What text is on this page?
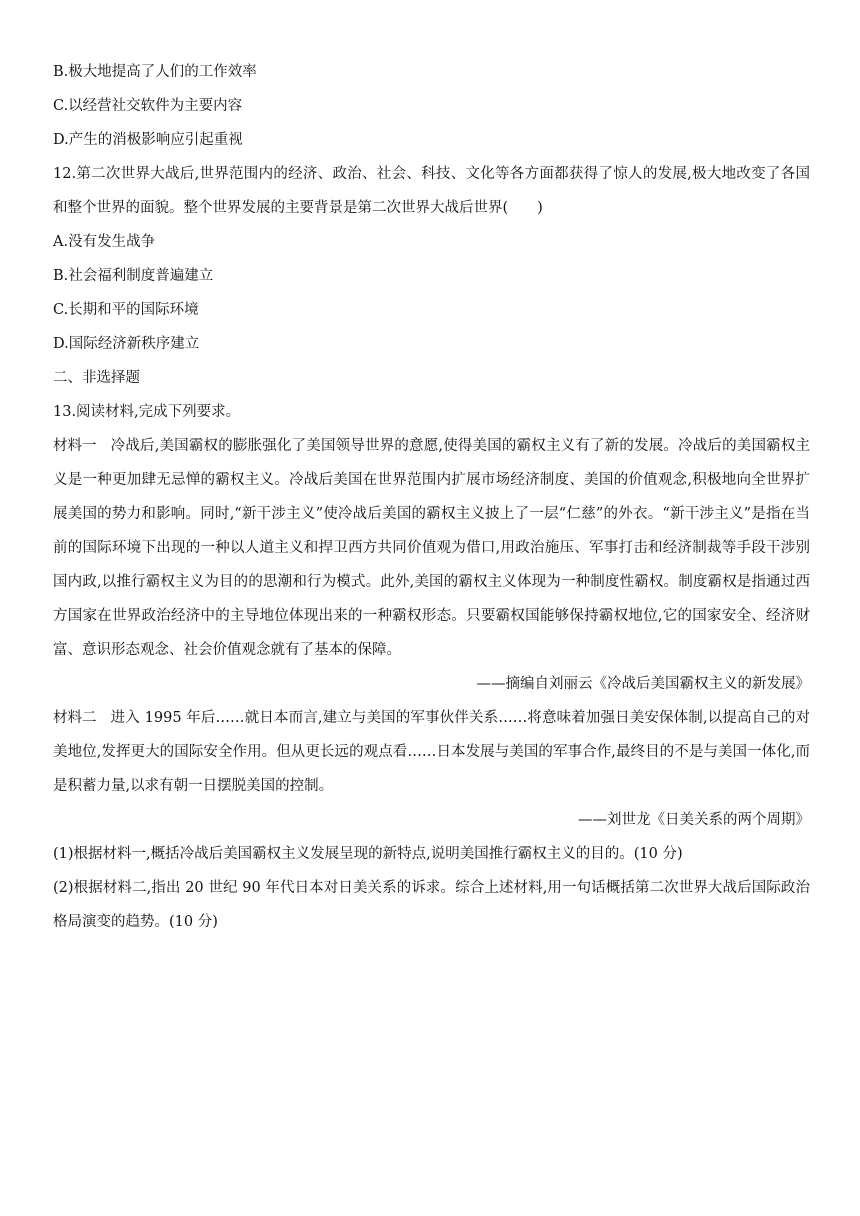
B.极大地提高了人们的工作效率
C.以经营社交软件为主要内容
D.产生的消极影响应引起重视
12.第二次世界大战后,世界范围内的经济、政治、社会、科技、文化等各方面都获得了惊人的发展,极大地改变了各国和整个世界的面貌。整个世界发展的主要背景是第二次世界大战后世界(　　)
A.没有发生战争
B.社会福利制度普遍建立
C.长期和平的国际环境
D.国际经济新秩序建立
二、非选择题
13.阅读材料,完成下列要求。
材料一 冷战后,美国霸权的膨胀强化了美国领导世界的意愿,使得美国的霸权主义有了新的发展。冷战后的美国霸权主义是一种更加肆无忌惮的霸权主义。冷战后美国在世界范围内扩展市场经济制度、美国的价值观念,积极地向全世界扩展美国的势力和影响。同时,“新干涉主义”使冷战后美国的霸权主义披上了一层“仁慈”的外衣。“新干涉主义”是指在当前的国际环境下出现的一种以人道主义和捍卫西方共同价值观为借口,用政治施压、军事打击和经济制裁等手段干涉别国内政,以推行霸权主义为目的的思潮和行为模式。此外,美国的霸权主义体现为一种制度性霸权。制度霸权是指通过西方国家在世界政治经济中的主导地位体现出来的一种霸权形态。只要霸权国能够保持霸权地位,它的国家安全、经济财富、意识形态观念、社会价值观念就有了基本的保障。
——摘编自刘丽云《冷战后美国霸权主义的新发展》
材料二 进入 1995 年后……就日本而言,建立与美国的军事伙伴关系……将意味着加强日美安保体制,以提高自己的对美地位,发挥更大的国际安全作用。但从更长远的观点看……日本发展与美国的军事合作,最终目的不是与美国一体化,而是积蓄力量,以求有朝一日摆脱美国的控制。
——刘世龙《日美关系的两个周期》
(1)根据材料一,概括冷战后美国霸权主义发展呈现的新特点,说明美国推行霸权主义的目的。(10 分)
(2)根据材料二,指出 20 世纪 90 年代日本对日美关系的诉求。综合上述材料,用一句话概括第二次世界大战后国际政治格局演变的趋势。(10 分)
